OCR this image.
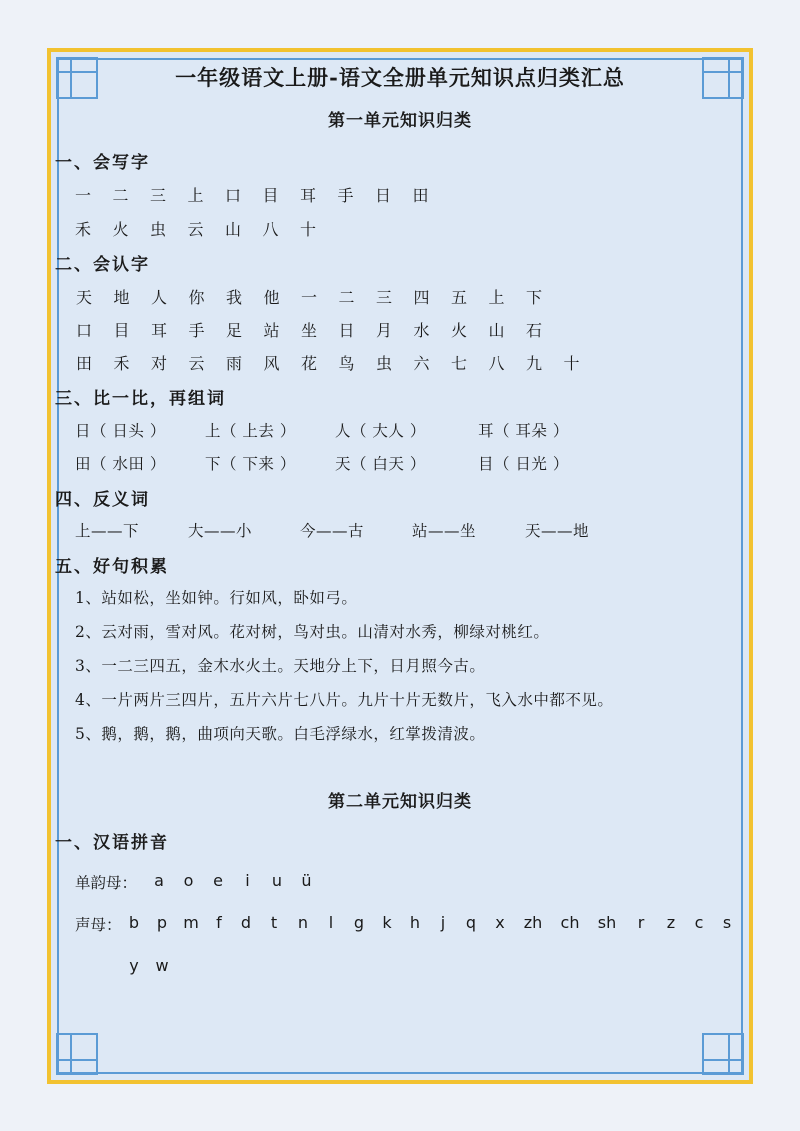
一年级语文上册-语文全册单元知识点归类汇总
第一单元知识归类
一、会写字
一 二 三 上 口 目 耳 手 日 田
禾 火 虫 云 山 八 十
二、会认字
天 地 人 你 我 他 一 二 三 四 五 上 下
口 目 耳 手 足 站 坐 日 月 水 火 山 石
田 禾 对 云 雨 风 花 鸟 虫 六 七 八 九 十
三、比一比，再组词
日（ 日头 ）	上（ 上去 ）	人（ 大人 ）	耳（ 耳朵 ）
田（ 水田 ）	下（ 下来 ）	天（ 白天 ）	目（ 日光 ）
四、反义词
上——下	大——小	今——古	站——坐	天——地
五、好句积累
1、站如松，坐如钟。行如风，卧如弓。
2、云对雨，雪对风。花对树，鸟对虫。山清对水秀，柳绿对桃红。
3、一二三四五，金木水火土。天地分上下，日月照今古。
4、一片两片三四片，五片六片七八片。九片十片无数片，飞入水中都不见。
5、鹅，鹅，鹅，曲项向天歌。白毛浮绿水，红掌拨清波。
第二单元知识归类
一、汉语拼音
单韵母： a o e i u ü
声母： b p m f d t n l g k h j q x zh ch sh r z c s
y w
